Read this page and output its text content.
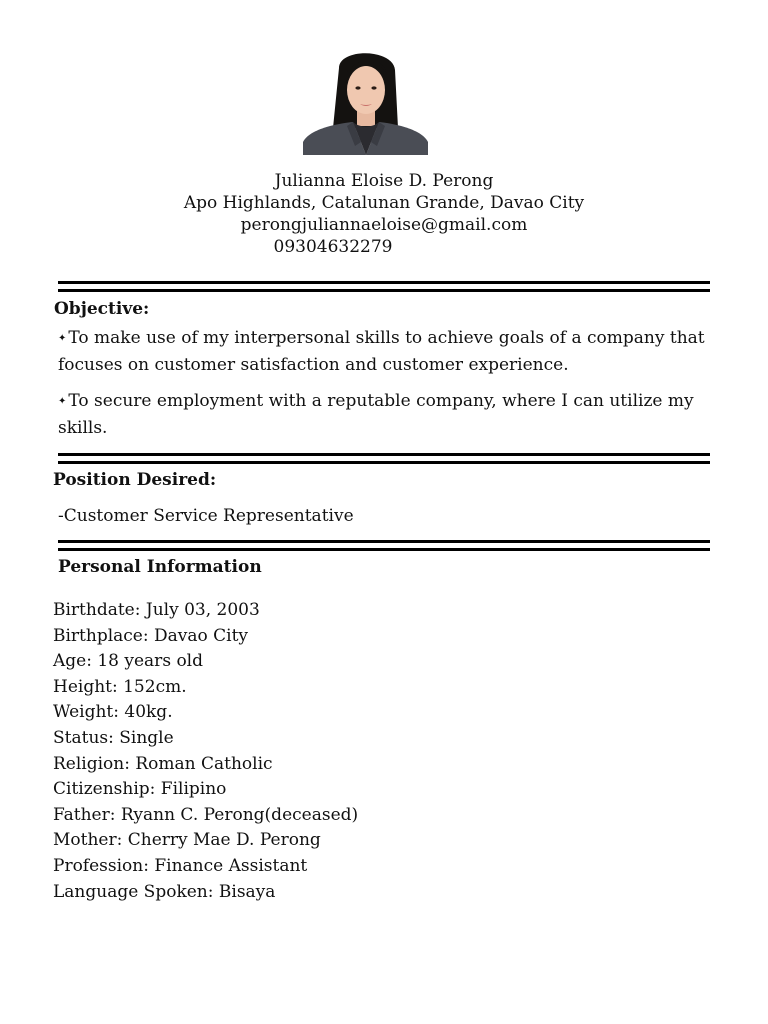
Julianna Eloise D. Perong
Apo Highlands, Catalunan Grande, Davao City
perongjuliannaeloise@gmail.com
09304632279
Objective:
✦ To make use of my interpersonal skills to achieve goals of a company that focuses on customer satisfaction and customer experience.
✦ To secure employment with a reputable company, where I can utilize my skills.
Position Desired:
-Customer Service Representative
Personal Information
Birthdate: July 03, 2003
Birthplace: Davao City
Age: 18 years old
Height: 152cm.
Weight: 40kg.
Status: Single
Religion: Roman Catholic
Citizenship: Filipino
Father: Ryann C. Perong(deceased)
Mother: Cherry Mae D. Perong
Profession: Finance Assistant
Language Spoken: Bisaya
